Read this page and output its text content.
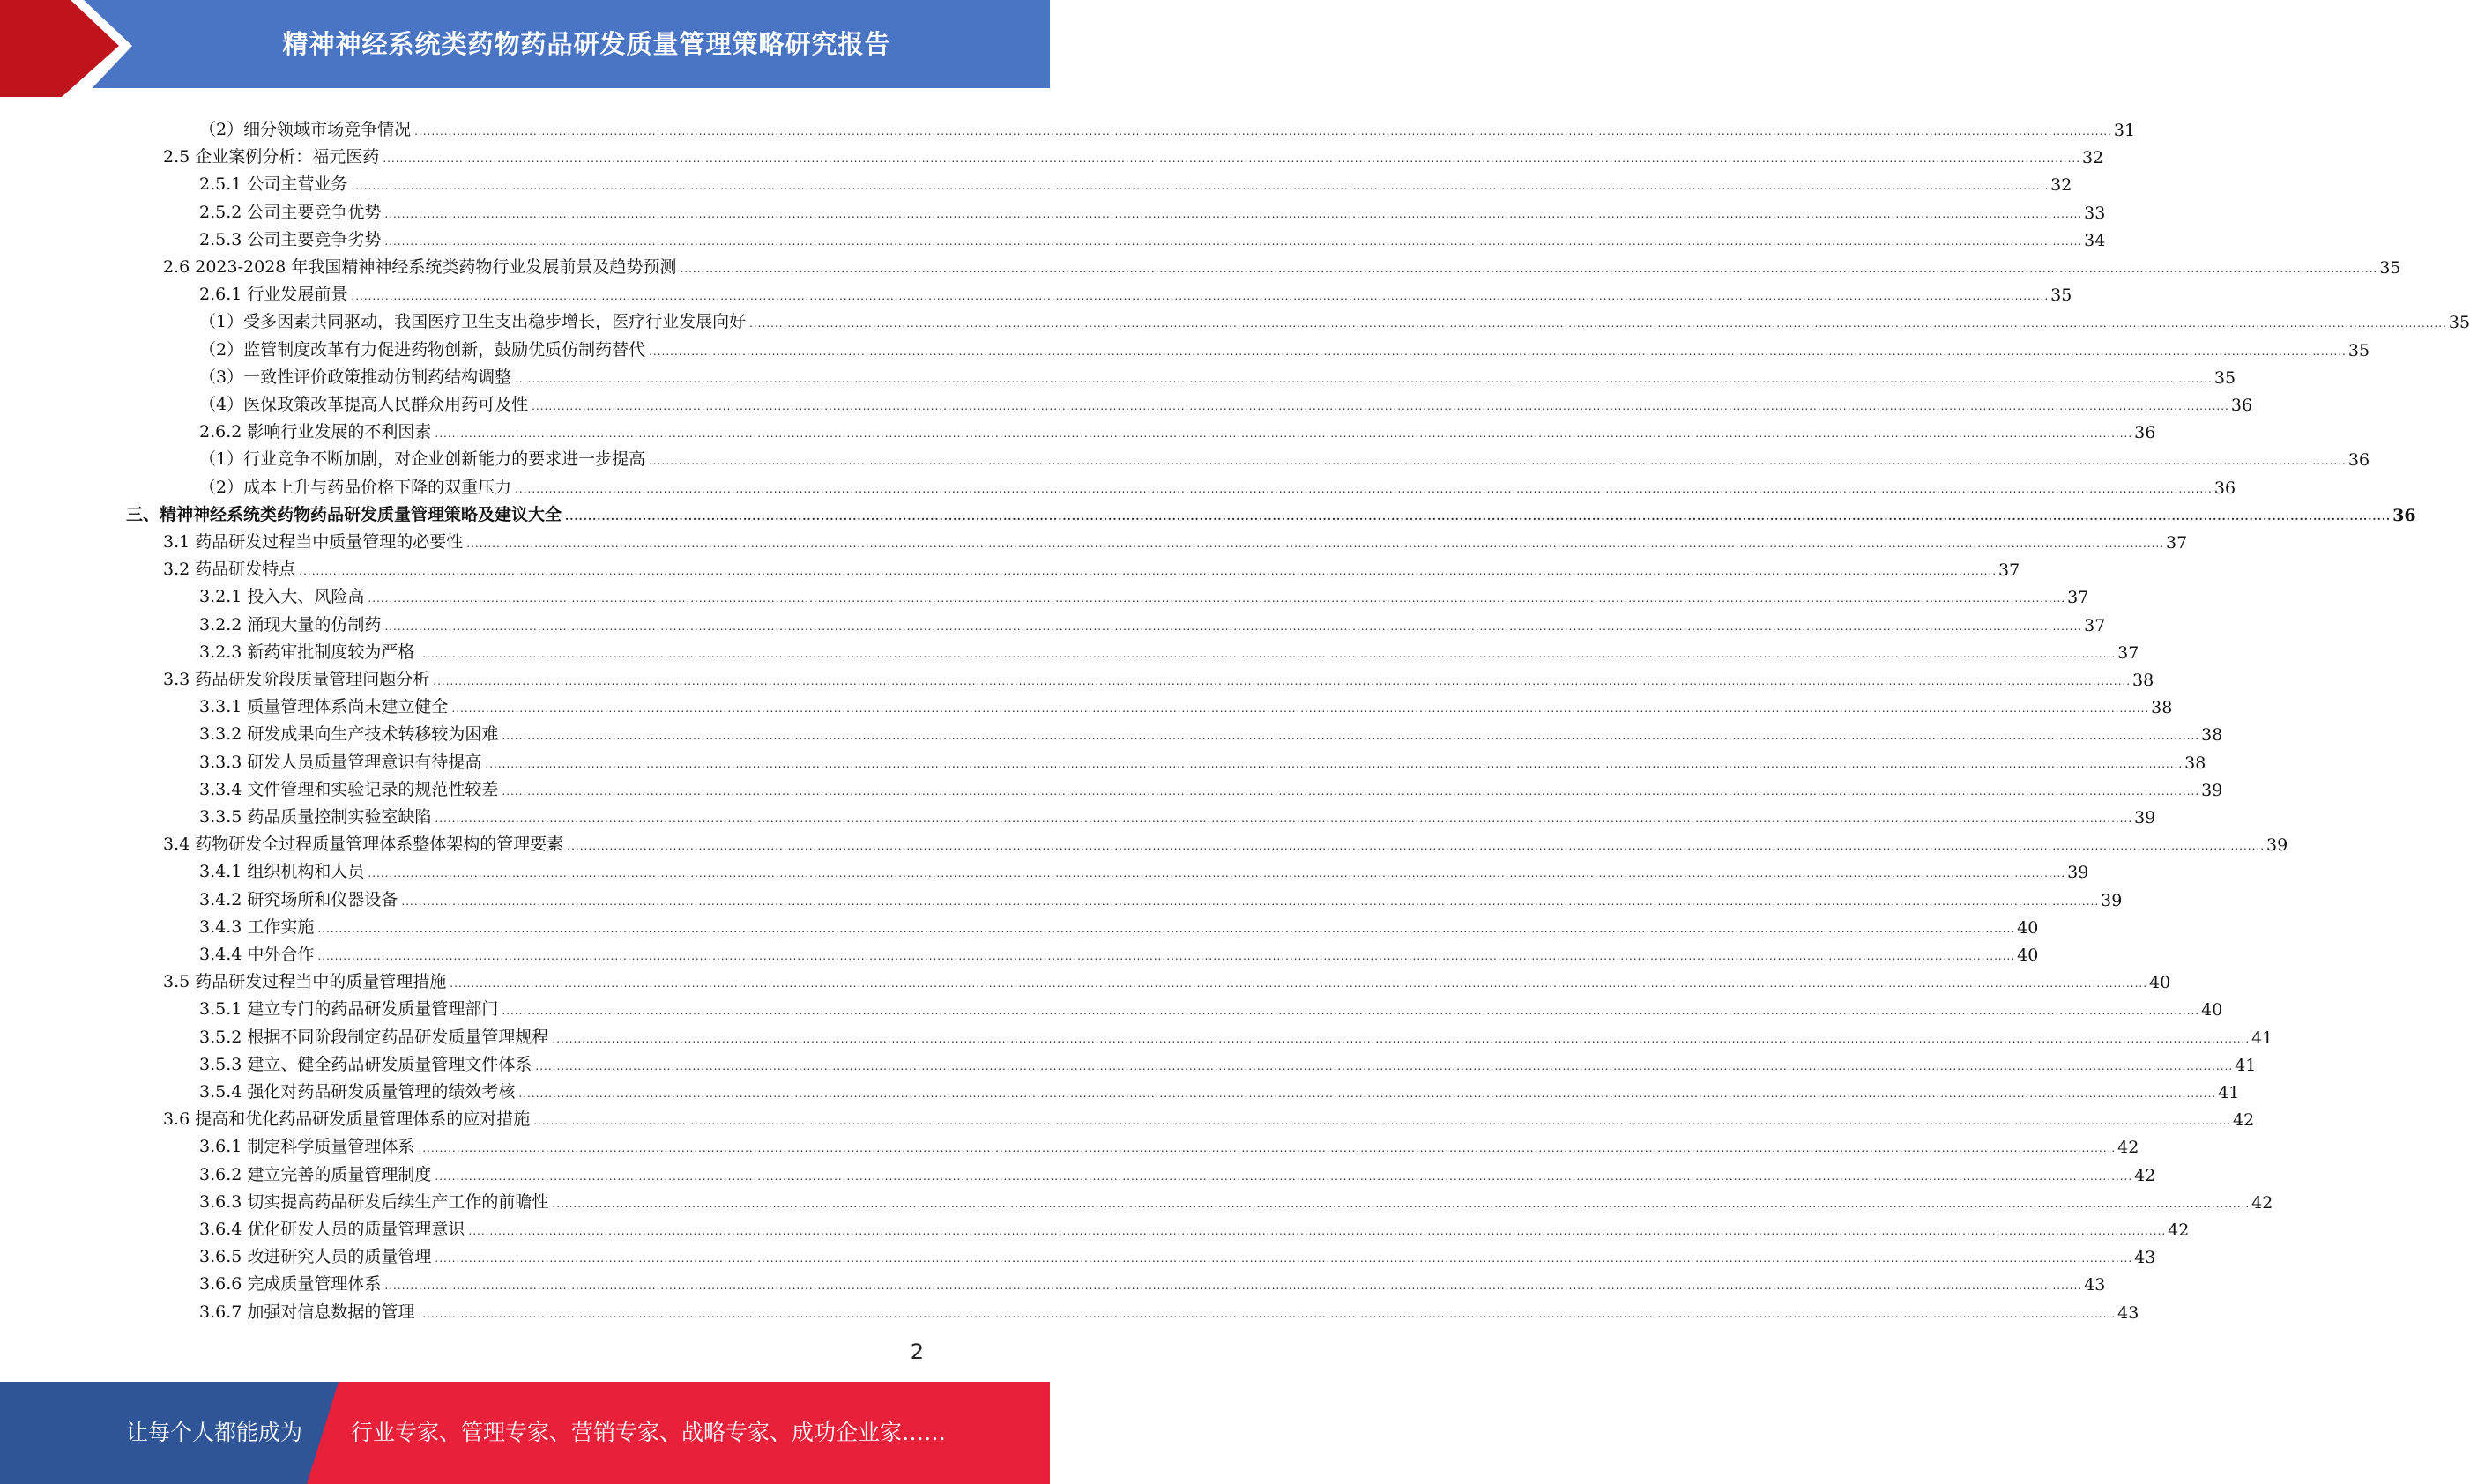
精神神经系统类药物药品研发质量管理策略研究报告
（2）细分领域市场竞争情况 ................................................................................................................................................................................................................................................................................................................................................................................................................ 31
2.5 企业案例分析：福元医药 ................................................................................................................................................................................................................................................................................................................................................................................................................ 32
2.5.1 公司主营业务 ................................................................................................................................................................................................................................................................................................................................................................................................................ 32
2.5.2 公司主要竞争优势 ................................................................................................................................................................................................................................................................................................................................................................................................................ 33
2.5.3 公司主要竞争劣势 ................................................................................................................................................................................................................................................................................................................................................................................................................ 34
2.6 2023-2028 年我国精神神经系统类药物行业发展前景及趋势预测 ................................................................................................................................................................................................................................................................................................................................................................................................................ 35
2.6.1 行业发展前景 ................................................................................................................................................................................................................................................................................................................................................................................................................ 35
（1）受多因素共同驱动，我国医疗卫生支出稳步增长，医疗行业发展向好 ................................................................................................................................................................................................................................................................................................................................................................................................................ 35
（2）监管制度改革有力促进药物创新，鼓励优质仿制药替代 ................................................................................................................................................................................................................................................................................................................................................................................................................ 35
（3）一致性评价政策推动仿制药结构调整 ................................................................................................................................................................................................................................................................................................................................................................................................................ 35
（4）医保政策改革提高人民群众用药可及性 ................................................................................................................................................................................................................................................................................................................................................................................................................ 36
2.6.2 影响行业发展的不利因素 ................................................................................................................................................................................................................................................................................................................................................................................................................ 36
（1）行业竞争不断加剧，对企业创新能力的要求进一步提高 ................................................................................................................................................................................................................................................................................................................................................................................................................ 36
（2）成本上升与药品价格下降的双重压力 ................................................................................................................................................................................................................................................................................................................................................................................................................ 36
三、精神神经系统类药物药品研发质量管理策略及建议大全 ................................................................................................................................................................................................................................................................................................................................................................................................................ 36
3.1 药品研发过程当中质量管理的必要性 ................................................................................................................................................................................................................................................................................................................................................................................................................ 37
3.2 药品研发特点 ................................................................................................................................................................................................................................................................................................................................................................................................................ 37
3.2.1 投入大、风险高 ................................................................................................................................................................................................................................................................................................................................................................................................................ 37
3.2.2 涌现大量的仿制药 ................................................................................................................................................................................................................................................................................................................................................................................................................ 37
3.2.3 新药审批制度较为严格 ................................................................................................................................................................................................................................................................................................................................................................................................................ 37
3.3 药品研发阶段质量管理问题分析 ................................................................................................................................................................................................................................................................................................................................................................................................................ 38
3.3.1 质量管理体系尚未建立健全 ................................................................................................................................................................................................................................................................................................................................................................................................................ 38
3.3.2 研发成果向生产技术转移较为困难 ................................................................................................................................................................................................................................................................................................................................................................................................................ 38
3.3.3 研发人员质量管理意识有待提高 ................................................................................................................................................................................................................................................................................................................................................................................................................ 38
3.3.4 文件管理和实验记录的规范性较差 ................................................................................................................................................................................................................................................................................................................................................................................................................ 39
3.3.5 药品质量控制实验室缺陷 ................................................................................................................................................................................................................................................................................................................................................................................................................ 39
3.4 药物研发全过程质量管理体系整体架构的管理要素 ................................................................................................................................................................................................................................................................................................................................................................................................................ 39
3.4.1 组织机构和人员 ................................................................................................................................................................................................................................................................................................................................................................................................................ 39
3.4.2 研究场所和仪器设备 ................................................................................................................................................................................................................................................................................................................................................................................................................ 39
3.4.3 工作实施 ................................................................................................................................................................................................................................................................................................................................................................................................................ 40
3.4.4 中外合作 ................................................................................................................................................................................................................................................................................................................................................................................................................ 40
3.5 药品研发过程当中的质量管理措施 ................................................................................................................................................................................................................................................................................................................................................................................................................ 40
3.5.1 建立专门的药品研发质量管理部门 ................................................................................................................................................................................................................................................................................................................................................................................................................ 40
3.5.2 根据不同阶段制定药品研发质量管理规程 ................................................................................................................................................................................................................................................................................................................................................................................................................ 41
3.5.3 建立、健全药品研发质量管理文件体系 ................................................................................................................................................................................................................................................................................................................................................................................................................ 41
3.5.4 强化对药品研发质量管理的绩效考核 ................................................................................................................................................................................................................................................................................................................................................................................................................ 41
3.6 提高和优化药品研发质量管理体系的应对措施 ................................................................................................................................................................................................................................................................................................................................................................................................................ 42
3.6.1 制定科学质量管理体系 ................................................................................................................................................................................................................................................................................................................................................................................................................ 42
3.6.2 建立完善的质量管理制度 ................................................................................................................................................................................................................................................................................................................................................................................................................ 42
3.6.3 切实提高药品研发后续生产工作的前瞻性 ................................................................................................................................................................................................................................................................................................................................................................................................................ 42
3.6.4 优化研发人员的质量管理意识 ................................................................................................................................................................................................................................................................................................................................................................................................................ 42
3.6.5 改进研究人员的质量管理 ................................................................................................................................................................................................................................................................................................................................................................................................................ 43
3.6.6 完成质量管理体系 ................................................................................................................................................................................................................................................................................................................................................................................................................ 43
3.6.7 加强对信息数据的管理 ................................................................................................................................................................................................................................................................................................................................................................................................................ 43
2
让每个人都能成为 行业专家、管理专家、营销专家、战略专家、成功企业家……
